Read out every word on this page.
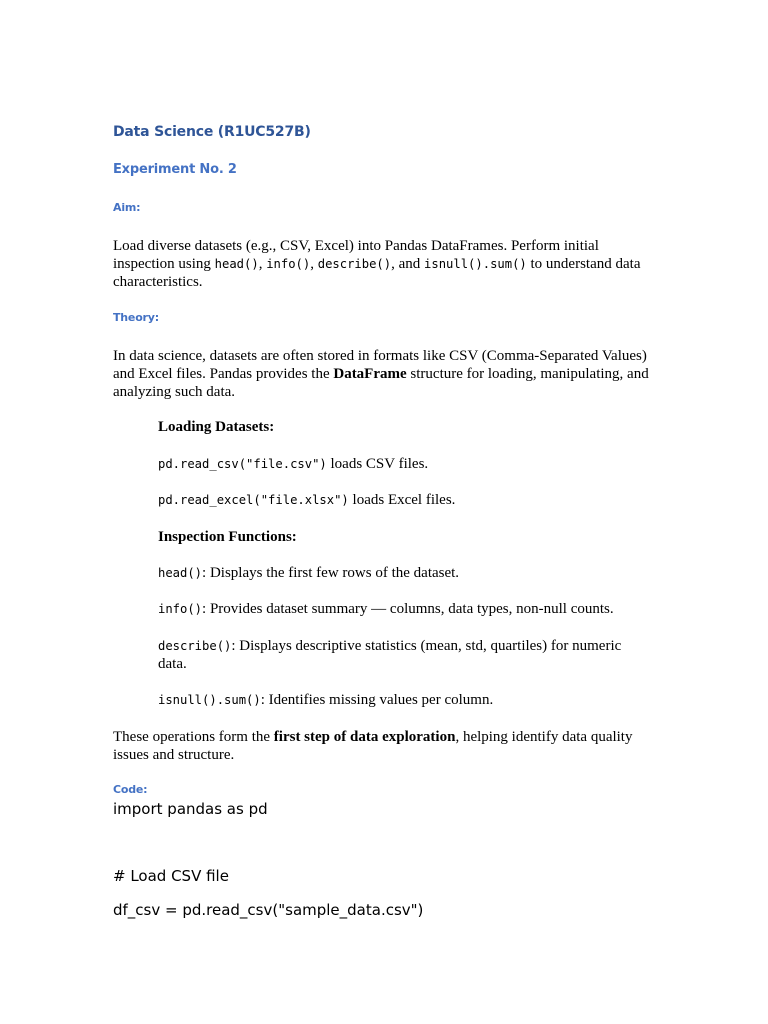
Data Science (R1UC527B)
Experiment No. 2
Aim:
Load diverse datasets (e.g., CSV, Excel) into Pandas DataFrames. Perform initial inspection using head(), info(), describe(), and isnull().sum() to understand data characteristics.
Theory:
In data science, datasets are often stored in formats like CSV (Comma-Separated Values) and Excel files. Pandas provides the DataFrame structure for loading, manipulating, and analyzing such data.
Loading Datasets:
pd.read_csv("file.csv") loads CSV files.
pd.read_excel("file.xlsx") loads Excel files.
Inspection Functions:
head(): Displays the first few rows of the dataset.
info(): Provides dataset summary — columns, data types, non-null counts.
describe(): Displays descriptive statistics (mean, std, quartiles) for numeric data.
isnull().sum(): Identifies missing values per column.
These operations form the first step of data exploration, helping identify data quality issues and structure.
Code:
import pandas as pd
# Load CSV file
df_csv = pd.read_csv("sample_data.csv")
